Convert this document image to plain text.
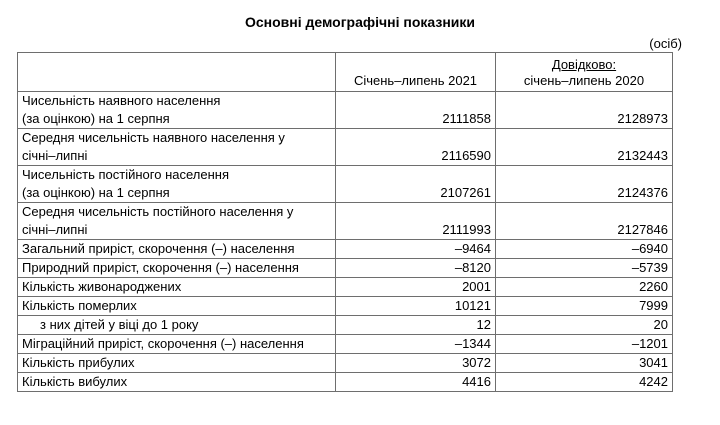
Основні демографічні показники
(осіб)
	Січень–липень 2021	Довідково:
січень–липень 2020
Чисельність наявного населення
(за оцінкою) на 1 серпня	2111858	2128973
Середня чисельність наявного населення у
січні–липні	2116590	2132443
Чисельність постійного населення
(за оцінкою) на 1 серпня	2107261	2124376
Середня чисельність постійного населення у
січні–липні	2111993	2127846
Загальний приріст, скорочення (–) населення	–9464	–6940
Природний приріст, скорочення (–) населення	–8120	–5739
Кількість живонароджених	2001	2260
Кількість померлих	10121	7999
з них дітей у віці до 1 року	12	20
Міграційний приріст, скорочення (–) населення	–1344	–1201
Кількість прибулих	3072	3041
Кількість вибулих	4416	4242
